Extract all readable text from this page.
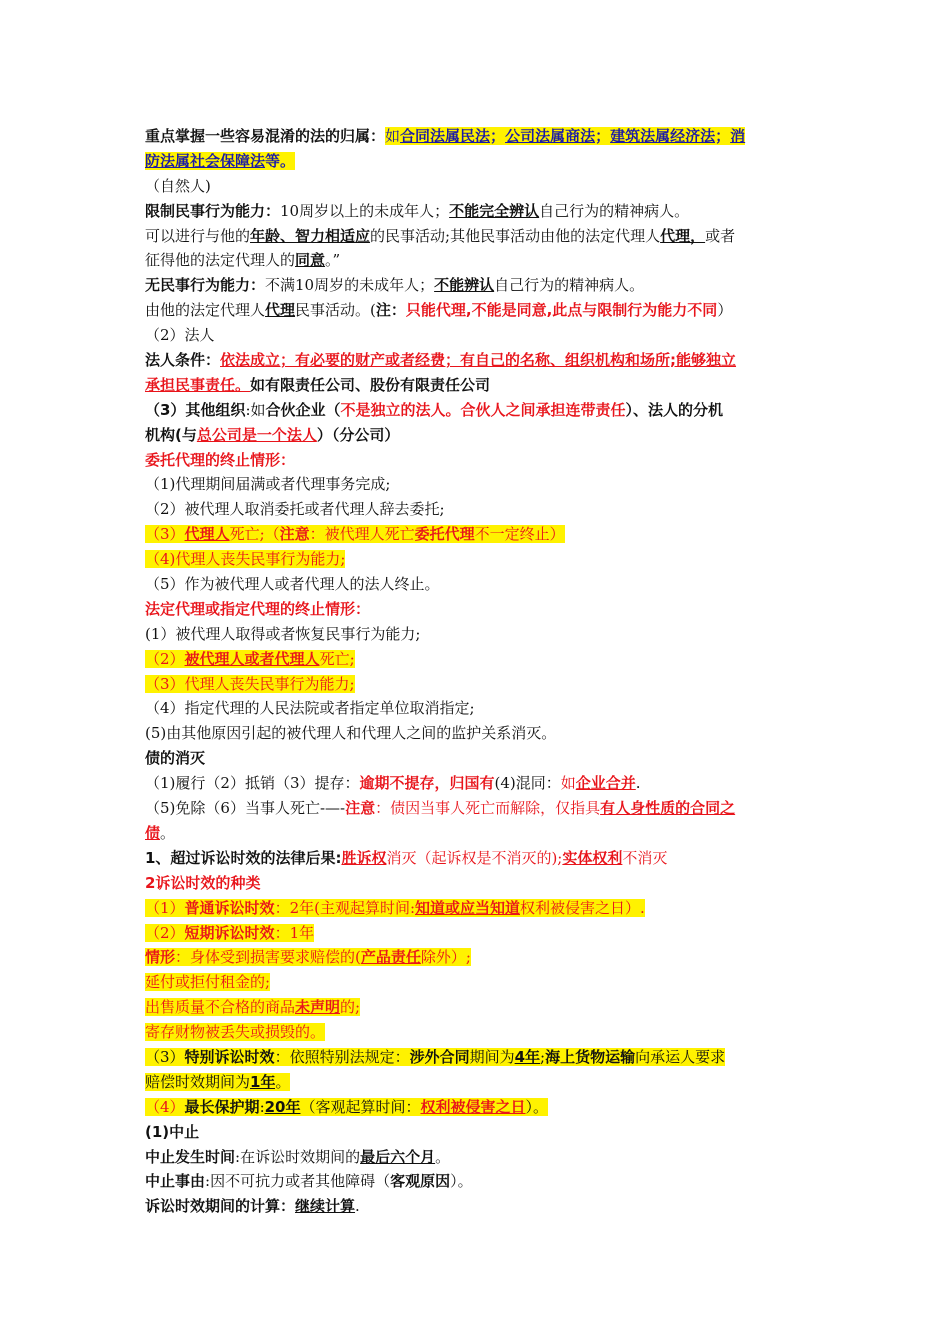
重点掌握一些容易混淆的法的归属：如合同法属民法；公司法属商法；建筑法属经济法；消
防法属社会保障法等。
（自然人)
限制民事行为能力：10周岁以上的未成年人；不能完全辨认自己行为的精神病人。
可以进行与他的年龄、智力相适应的民事活动;其他民事活动由他的法定代理人代理，或者
征得他的法定代理人的同意。”
无民事行为能力：不满10周岁的未成年人；不能辨认自己行为的精神病人。
由他的法定代理人代理民事活动。(注：只能代理,不能是同意,此点与限制行为能力不同）
（2）法人
法人条件：依法成立；有必要的财产或者经费；有自己的名称、组织机构和场所;能够独立
承担民事责任。如有限责任公司、股份有限责任公司
（3）其他组织:如合伙企业（不是独立的法人。合伙人之间承担连带责任）、法人的分机
机构(与总公司是一个法人）（分公司）
委托代理的终止情形：
（1)代理期间届满或者代理事务完成;
（2）被代理人取消委托或者代理人辞去委托;
（3）代理人死亡;（注意：被代理人死亡委托代理不一定终止）
（4)代理人丧失民事行为能力;
（5）作为被代理人或者代理人的法人终止。
法定代理或指定代理的终止情形：
(1）被代理人取得或者恢复民事行为能力;
（2）被代理人或者代理人死亡;
（3）代理人丧失民事行为能力;
（4）指定代理的人民法院或者指定单位取消指定;
(5)由其他原因引起的被代理人和代理人之间的监护关系消灭。
债的消灭
（1)履行（2）抵销（3）提存：逾期不提存，归国有(4)混同：如企业合并.
（5)免除（6）当事人死亡-—-注意：债因当事人死亡而解除，仅指具有人身性质的合同之
债。
1、超过诉讼时效的法律后果:胜诉权消灭（起诉权是不消灭的);实体权利不消灭
2诉讼时效的种类
（1）普通诉讼时效：2年(主观起算时间:知道或应当知道权利被侵害之日）.
（2）短期诉讼时效：1年
情形：身体受到损害要求赔偿的(产品责任除外）;
延付或拒付租金的;
出售质量不合格的商品未声明的;
寄存财物被丢失或损毁的。
（3）特别诉讼时效：依照特别法规定：涉外合同期间为4年;海上货物运输向承运人要求
赔偿时效期间为1年。
（4）最长保护期:20年（客观起算时间：权利被侵害之日）。
(1)中止
中止发生时间:在诉讼时效期间的最后六个月。
中止事由:因不可抗力或者其他障碍（客观原因）。
诉讼时效期间的计算：继续计算.
